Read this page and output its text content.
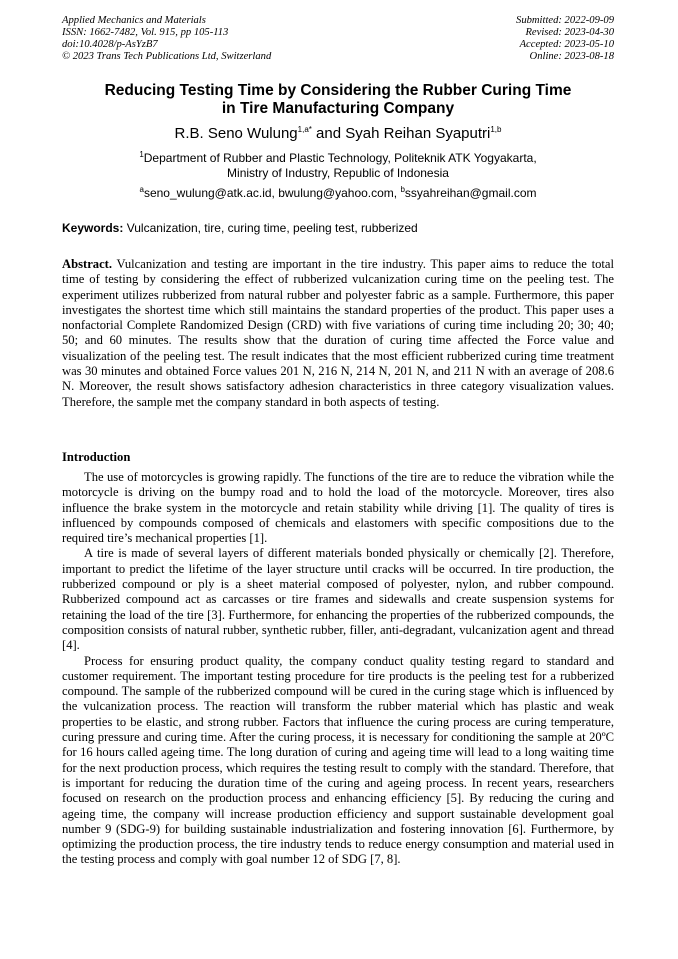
Applied Mechanics and Materials
ISSN: 1662-7482, Vol. 915, pp 105-113
doi:10.4028/p-AsYzB7
© 2023 Trans Tech Publications Ltd, Switzerland
Submitted: 2022-09-09
Revised: 2023-04-30
Accepted: 2023-05-10
Online: 2023-08-18
Reducing Testing Time by Considering the Rubber Curing Time
in Tire Manufacturing Company
R.B. Seno Wulung$^{1,a*}$ and Syah Reihan Syaputri$^{1,b}$
$^1$Department of Rubber and Plastic Technology, Politeknik ATK Yogyakarta,
Ministry of Industry, Republic of Indonesia
$^a$seno_wulung@atk.ac.id, bwulung@yahoo.com, $^b$ssyahreihan@gmail.com
Keywords: Vulcanization, tire, curing time, peeling test, rubberized
Abstract. Vulcanization and testing are important in the tire industry. This paper aims to reduce the total time of testing by considering the effect of rubberized vulcanization curing time on the peeling test. The experiment utilizes rubberized from natural rubber and polyester fabric as a sample. Furthermore, this paper investigates the shortest time which still maintains the standard properties of the product. This paper uses a nonfactorial Complete Randomized Design (CRD) with five variations of curing time including 20; 30; 40; 50; and 60 minutes. The results show that the duration of curing time affected the Force value and visualization of the peeling test. The result indicates that the most efficient rubberized curing time treatment was 30 minutes and obtained Force values 201 N, 216 N, 214 N, 201 N, and 211 N with an average of 208.6 N. Moreover, the result shows satisfactory adhesion characteristics in three category visualization values. Therefore, the sample met the company standard in both aspects of testing.
Introduction

The use of motorcycles is growing rapidly. The functions of the tire are to reduce the vibration while the motorcycle is driving on the bumpy road and to hold the load of the motorcycle. Moreover, tires also influence the brake system in the motorcycle and retain stability while driving [1]. The quality of tires is influenced by compounds composed of chemicals and elastomers with specific compositions due to the required tire’s mechanical properties [1].

A tire is made of several layers of different materials bonded physically or chemically [2]. Therefore, important to predict the lifetime of the layer structure until cracks will be occurred. In tire production, the rubberized compound or ply is a sheet material composed of polyester, nylon, and rubber compound. Rubberized compound act as carcasses or tire frames and sidewalls and create suspension systems for retaining the load of the tire [3]. Furthermore, for enhancing the properties of the rubberized compounds, the composition consists of natural rubber, synthetic rubber, filler, anti-degradant, vulcanization agent and thread [4].

Process for ensuring product quality, the company conduct quality testing regard to standard and customer requirement. The important testing procedure for tire products is the peeling test for a rubberized compound. The sample of the rubberized compound will be cured in the curing stage which is influenced by the vulcanization process. The reaction will transform the rubber material which has plastic and weak properties to be elastic, and strong rubber. Factors that influence the curing process are curing temperature, curing pressure and curing time. After the curing process, it is necessary for conditioning the sample at 20ºC for 16 hours called ageing time. The long duration of curing and ageing time will lead to a long waiting time for the next production process, which requires the testing result to comply with the standard. Therefore, that is important for reducing the duration time of the curing and ageing process. In recent years, researchers focused on research on the production process and enhancing efficiency [5]. By reducing the curing and ageing time, the company will increase production efficiency and support sustainable development goal number 9 (SDG-9) for building sustainable industrialization and fostering innovation [6]. Furthermore, by optimizing the production process, the tire industry tends to reduce energy consumption and material used in the testing process and comply with goal number 12 of SDG [7, 8].
